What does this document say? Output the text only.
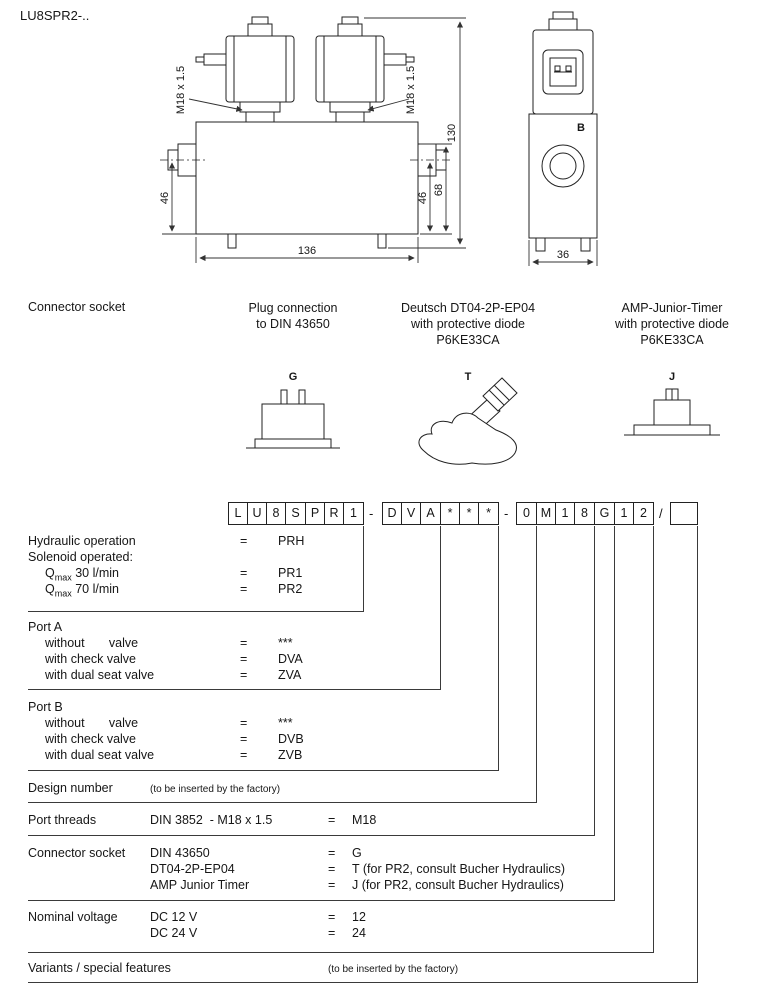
LU8SPR2-..
136
130
68
46
46
M18 x 1.5	M18 x 1.5
B
36
G	T	J
Connector socket	Plug connection
to DIN 43650
Deutsch DT04-2P-EP04
with protective diode
P6KE33CA
AMP-Junior-Timer
with protective diode
P6KE33CA
L U 8 S P R 1 -	D V A	*	*	*	-	0 M 1	8 G 1	2 /
Hydraulic operation	= PRH
Solenoid operated:
$Q_{max}$ 30 l/min	= PR1
$Q_{max}$ 70 l/min	= PR2
Port A
without       valve	= ***
with check valve	= DVA
with dual seat valve	= ZVA
Port B
without       valve	= ***
with check valve	= DVB
with dual seat valve	= ZVB
Design number	(to be inserted by the factory)
Port threads	DIN 3852  - M18 x 1.5	= M18
Connector socket DIN 43650	= G
DT04-2P-EP04	= T (for PR2, consult Bucher Hydraulics)
AMP Junior Timer	= J (for PR2, consult Bucher Hydraulics)
Nominal voltage	DC 12 V	= 12
DC 24 V	= 24
Variants / special features	(to be inserted by the factory)
